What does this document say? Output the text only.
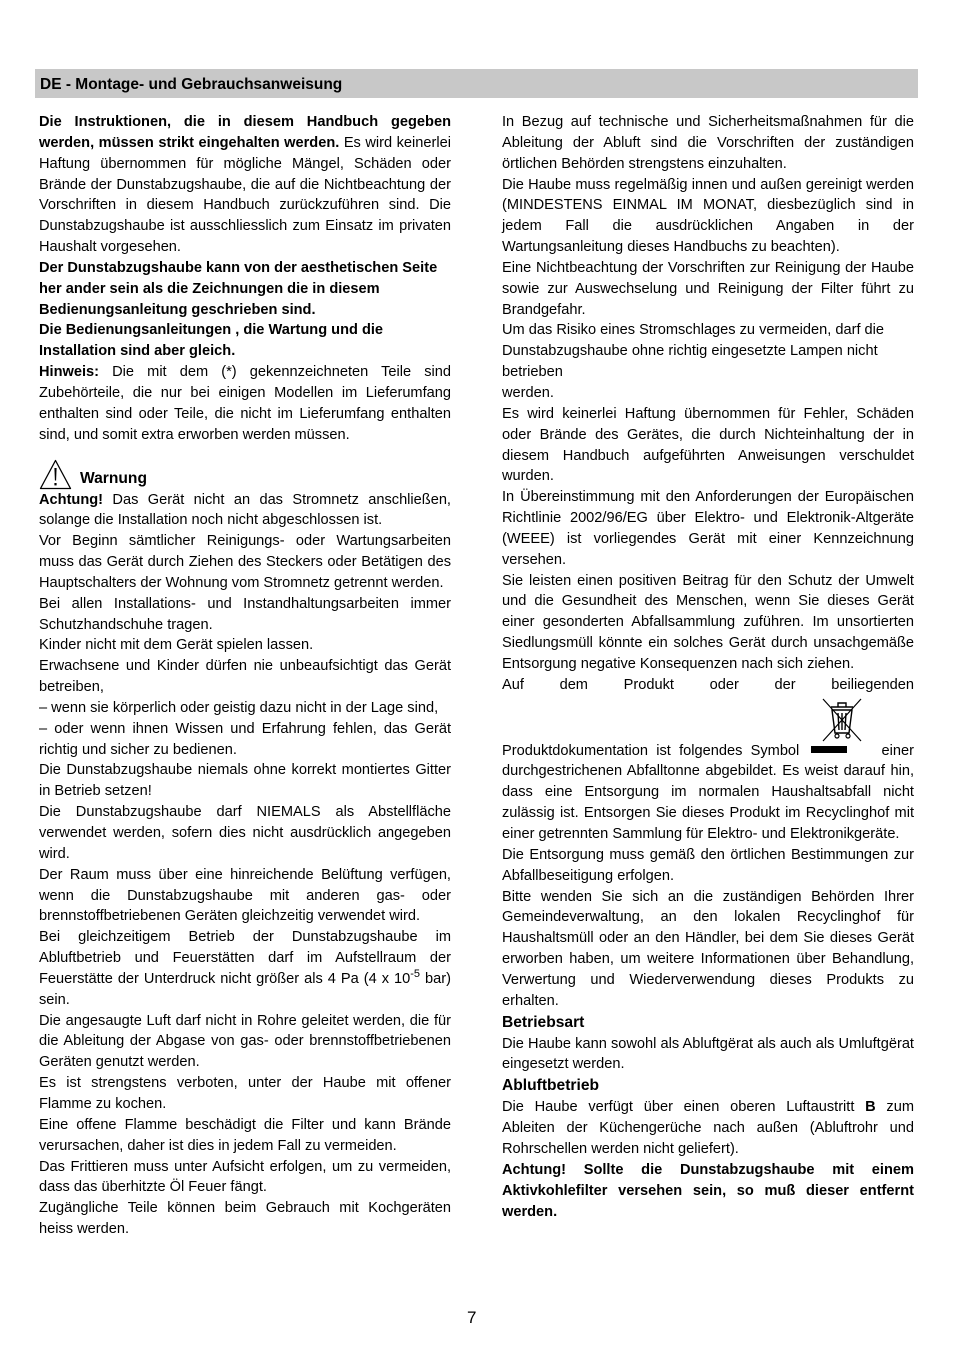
DE - Montage- und Gebrauchsanweisung

Die Instruktionen, die in diesem Handbuch gegeben werden, müssen strikt eingehalten werden. Es wird keinerlei Haftung übernommen für mögliche Mängel, Schäden oder Brände der Dunstabzugshaube, die auf die Nichtbeachtung der Vorschriften in diesem Handbuch zurückzuführen sind. Die Dunstabzugshaube ist ausschliesslich zum Einsatz im privaten Haushalt vorgesehen.

Der Dunstabzugshaube kann von der aesthetischen Seite her ander sein als die Zeichnungen die in diesem Bedienungsanleitung geschrieben sind.

Die Bedienungsanleitungen , die Wartung und die Installation sind aber gleich.

Hinweis: Die mit dem (*) gekennzeichneten Teile sind Zubehörteile, die nur bei einigen Modellen im Lieferumfang enthalten sind oder Teile, die nicht im Lieferumfang enthalten sind, und somit extra erworben werden müssen.

Warnung

Achtung! Das Gerät nicht an das Stromnetz anschließen, solange die Installation noch nicht abgeschlossen ist.

Vor Beginn sämtlicher Reinigungs- oder Wartungsarbeiten muss das Gerät durch Ziehen des Steckers oder Betätigen des Hauptschalters der Wohnung vom Stromnetz getrennt werden.

Bei allen Installations- und Instandhaltungsarbeiten immer Schutzhandschuhe tragen.

Kinder nicht mit dem Gerät spielen lassen.

Erwachsene und Kinder dürfen nie unbeaufsichtigt das Gerät betreiben,

– wenn sie körperlich oder geistig dazu nicht in der Lage sind,

– oder wenn ihnen Wissen und Erfahrung fehlen, das Gerät richtig und sicher zu bedienen.

Die Dunstabzugshaube niemals ohne korrekt montiertes Gitter in Betrieb setzen!

Die Dunstabzugshaube darf NIEMALS als Abstellfläche verwendet werden, sofern dies nicht ausdrücklich angegeben wird.

Der Raum muss über eine hinreichende Belüftung verfügen, wenn die Dunstabzugshaube mit anderen gas- oder brennstoffbetriebenen Geräten gleichzeitig verwendet wird.

Bei gleichzeitigem Betrieb der Dunstabzugshaube im Abluftbetrieb und Feuerstätten darf im Aufstellraum der Feuerstätte der Unterdruck nicht größer als 4 Pa (4 x $10^{-5}$ bar) sein.

Die angesaugte Luft darf nicht in Rohre geleitet werden, die für die Ableitung der Abgase von gas- oder brennstoffbetriebenen Geräten genutzt werden.

Es ist strengstens verboten, unter der Haube mit offener Flamme zu kochen.

Eine offene Flamme beschädigt die Filter und kann Brände verursachen, daher ist dies in jedem Fall zu vermeiden.

Das Frittieren muss unter Aufsicht erfolgen, um zu vermeiden, dass das überhitzte Öl Feuer fängt.

Zugängliche Teile können beim Gebrauch mit Kochgeräten heiss werden.

In Bezug auf technische und Sicherheitsmaßnahmen für die Ableitung der Abluft sind die Vorschriften der zuständigen örtlichen Behörden strengstens einzuhalten.

Die Haube muss regelmäßig innen und außen gereinigt werden (MINDESTENS EINMAL IM MONAT, diesbezüglich sind in jedem Fall die ausdrücklichen Angaben in der Wartungsanleitung dieses Handbuchs zu beachten).

Eine Nichtbeachtung der Vorschriften zur Reinigung der Haube sowie zur Auswechselung und Reinigung der Filter führt zu Brandgefahr.

Um das Risiko eines Stromschlages zu vermeiden, darf die Dunstabzugshaube ohne richtig eingesetzte Lampen nicht betrieben

werden.

Es wird keinerlei Haftung übernommen für Fehler, Schäden oder Brände des Gerätes, die durch Nichteinhaltung der in diesem Handbuch aufgeführten Anweisungen verschuldet wurden.

In Übereinstimmung mit den Anforderungen der Europäischen Richtlinie 2002/96/EG über Elektro- und Elektronik-Altgeräte (WEEE) ist vorliegendes Gerät mit einer Kennzeichnung versehen.

Sie leisten einen positiven Beitrag für den Schutz der Umwelt und die Gesundheit des Menschen, wenn Sie dieses Gerät einer gesonderten Abfallsammlung zuführen. Im unsortierten Siedlungsmüll könnte ein solches Gerät durch unsachgemäße Entsorgung negative Konsequenzen nach sich ziehen.

Auf dem Produkt oder der beiliegenden

Produktdokumentation ist folgendes Symbol	einer durchgestrichenen Abfalltonne abgebildet. Es weist darauf hin, dass eine Entsorgung im normalen Haushaltsabfall nicht zulässig ist. Entsorgen Sie dieses Produkt im Recyclinghof mit einer getrennten Sammlung für Elektro- und Elektronikgeräte.

Die Entsorgung muss gemäß den örtlichen Bestimmungen zur Abfallbeseitigung erfolgen.

Bitte wenden Sie sich an die zuständigen Behörden Ihrer Gemeindeverwaltung, an den lokalen Recyclinghof für Haushaltsmüll oder an den Händler, bei dem Sie dieses Gerät erworben haben, um weitere Informationen über Behandlung, Verwertung und Wiederverwendung dieses Produkts zu erhalten.

Betriebsart

Die Haube kann sowohl als Abluftgërat als auch als Umluftgërat eingesetzt werden.

Abluftbetrieb

Die Haube verfügt über einen oberen Luftaustritt B zum Ableiten der Küchengerüche nach außen (Abluftrohr und Rohrschellen werden nicht geliefert).

Achtung! Sollte die Dunstabzugshaube mit einem Aktivkohlefilter versehen sein, so muß dieser entfernt werden.

7
